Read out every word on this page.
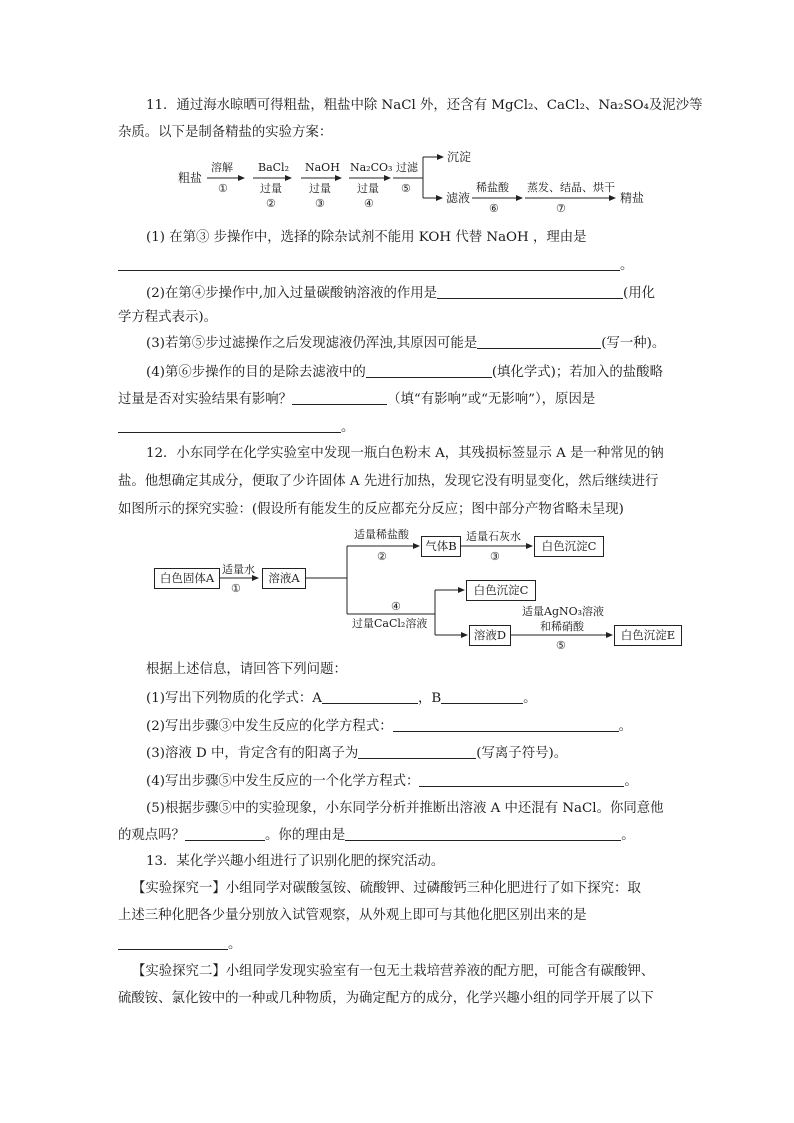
11．通过海水晾晒可得粗盐，粗盐中除 NaCl 外，还含有 MgCl₂、CaCl₂、Na₂SO₄及泥沙等
杂质。以下是制备精盐的实验方案：
粗盐
溶解
①
BaCl₂
过量
②
NaOH
过量
③
Na₂CO₃
过量
④
过滤
⑤
沉淀
滤液
稀盐酸
⑥
蒸发、结晶、烘干
⑦
精盐
(1) 在第③ 步操作中，选择的除杂试剂不能用 KOH 代替 NaOH ，理由是
。
(2)在第④步操作中,加入过量碳酸钠溶液的作用是	(用化
学方程式表示)。
(3)若第⑤步过滤操作之后发现滤液仍浑浊,其原因可能是	(写一种)。
(4)第⑥步操作的目的是除去滤液中的	(填化学式)；若加入的盐酸略
过量是否对实验结果有影响？	（填“有影响”或“无影响”），原因是
。
12．小东同学在化学实验室中发现一瓶白色粉末 A，其残损标签显示 A 是一种常见的钠
盐。他想确定其成分，便取了少许固体 A 先进行加热，发现它没有明显变化，然后继续进行
如图所示的探究实验：(假设所有能发生的反应都充分反应；图中部分产物省略未呈现)
白色固体A
适量水
①
溶液A
适量稀盐酸
②
气体B
适量石灰水
③
白色沉淀C
④
过量CaCl₂溶液
白色沉淀C
溶液D
适量AgNO₃溶液
和稀硝酸
⑤
白色沉淀E
根据上述信息，请回答下列问题：
(1)写出下列物质的化学式：A	，B	。
(2)写出步骤③中发生反应的化学方程式：	。
(3)溶液 D 中，肯定含有的阳离子为	(写离子符号)。
(4)写出步骤⑤中发生反应的一个化学方程式：	。
(5)根据步骤⑤中的实验现象，小东同学分析并推断出溶液 A 中还混有 NaCl。你同意他
的观点吗？	。你的理由是	。
13．某化学兴趣小组进行了识别化肥的探究活动。
【实验探究一】小组同学对碳酸氢铵、硫酸钾、过磷酸钙三种化肥进行了如下探究：取
上述三种化肥各少量分别放入试管观察，从外观上即可与其他化肥区别出来的是
。
【实验探究二】小组同学发现实验室有一包无土栽培营养液的配方肥，可能含有碳酸钾、
硫酸铵、氯化铵中的一种或几种物质，为确定配方的成分，化学兴趣小组的同学开展了以下
